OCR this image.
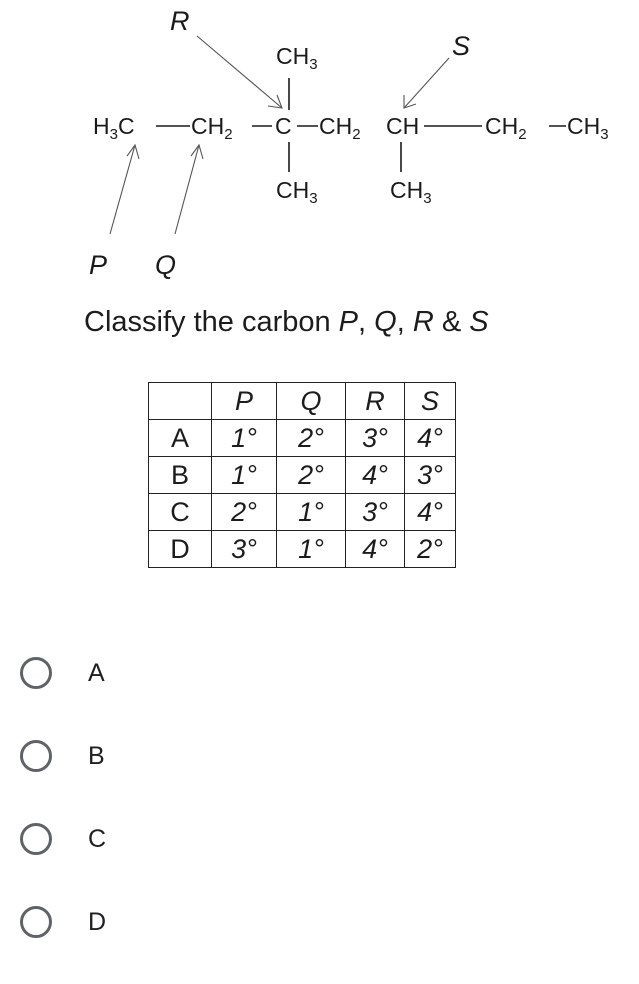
$CH_3$
$H_3C$ $CH_2$ C $CH_2$ CH	$CH_2$ $CH_3$
$CH_3$	$CH_3$
R
S
P Q
Classify the carbon P, Q, R & S
	P	Q	R	S
A	1°	2°	3°	4°
B	1°	2°	4°	3°
C	2°	1°	3°	4°
D	3°	1°	4°	2°
A
B
C
D
